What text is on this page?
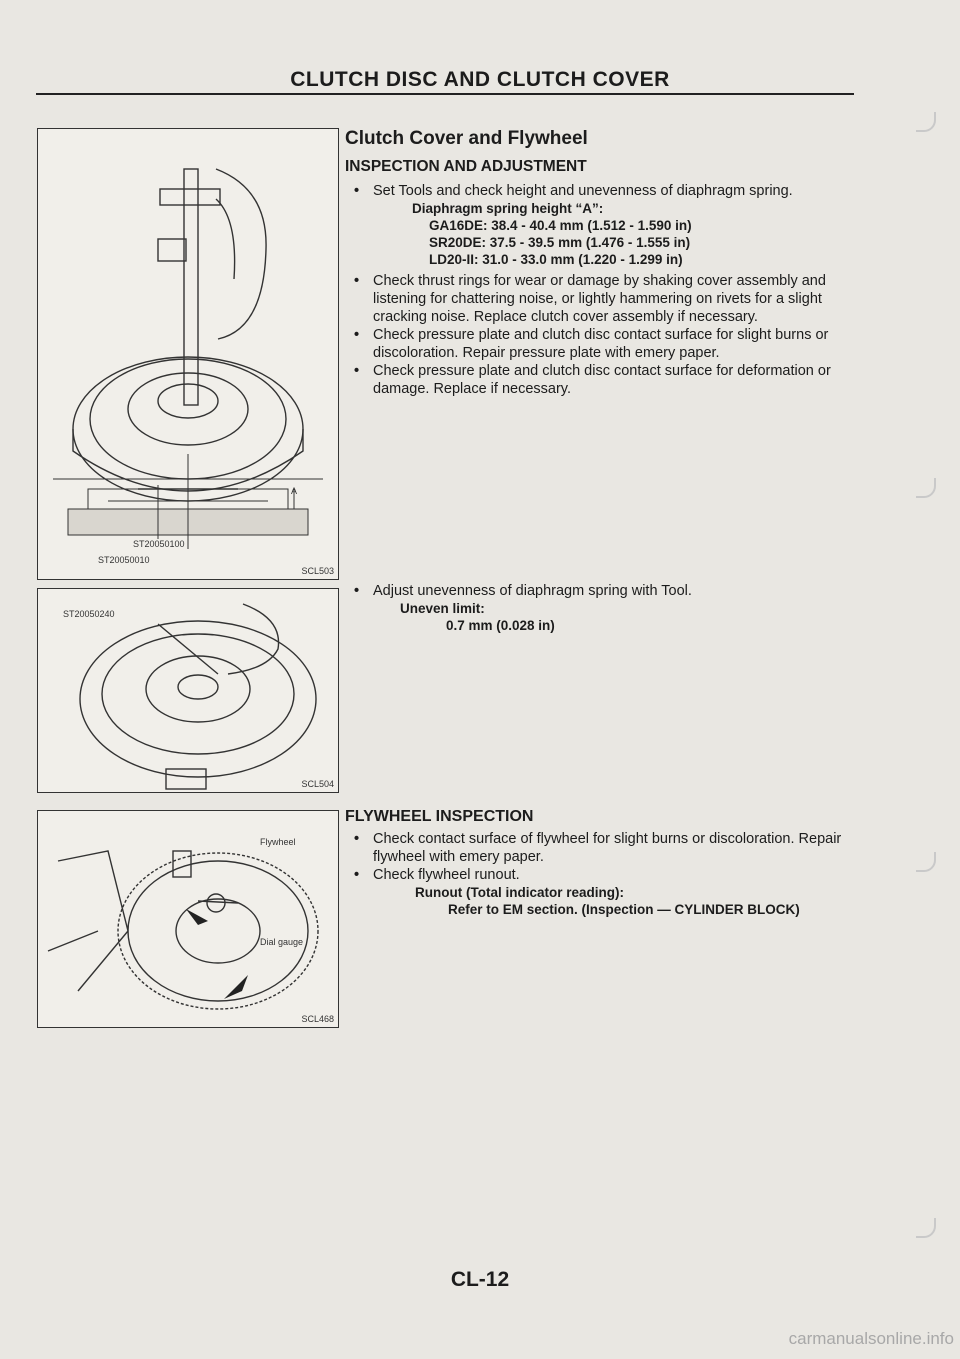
CLUTCH DISC AND CLUTCH COVER
A
ST20050100
ST20050010
SCL503
ST20050240
SCL504
Flywheel
Dial gauge
SCL468
Clutch Cover and Flywheel
INSPECTION AND ADJUSTMENT
• Set Tools and check height and unevenness of diaphragm spring.
Diaphragm spring height “A”:
GA16DE: 38.4 - 40.4 mm (1.512 - 1.590 in)
SR20DE: 37.5 - 39.5 mm (1.476 - 1.555 in)
LD20-II: 31.0 - 33.0 mm (1.220 - 1.299 in)
• Check thrust rings for wear or damage by shaking cover assembly and listening for chattering noise, or lightly hammering on rivets for a slight cracking noise. Replace clutch cover assembly if necessary.
• Check pressure plate and clutch disc contact surface for slight burns or discoloration. Repair pressure plate with emery paper.
• Check pressure plate and clutch disc contact surface for deformation or damage. Replace if necessary.
• Adjust unevenness of diaphragm spring with Tool.
Uneven limit:
0.7 mm (0.028 in)
FLYWHEEL INSPECTION
• Check contact surface of flywheel for slight burns or discoloration. Repair flywheel with emery paper.
• Check flywheel runout.
Runout (Total indicator reading):
Refer to EM section. (Inspection — CYLINDER BLOCK)
CL-12
carmanualsonline.info
